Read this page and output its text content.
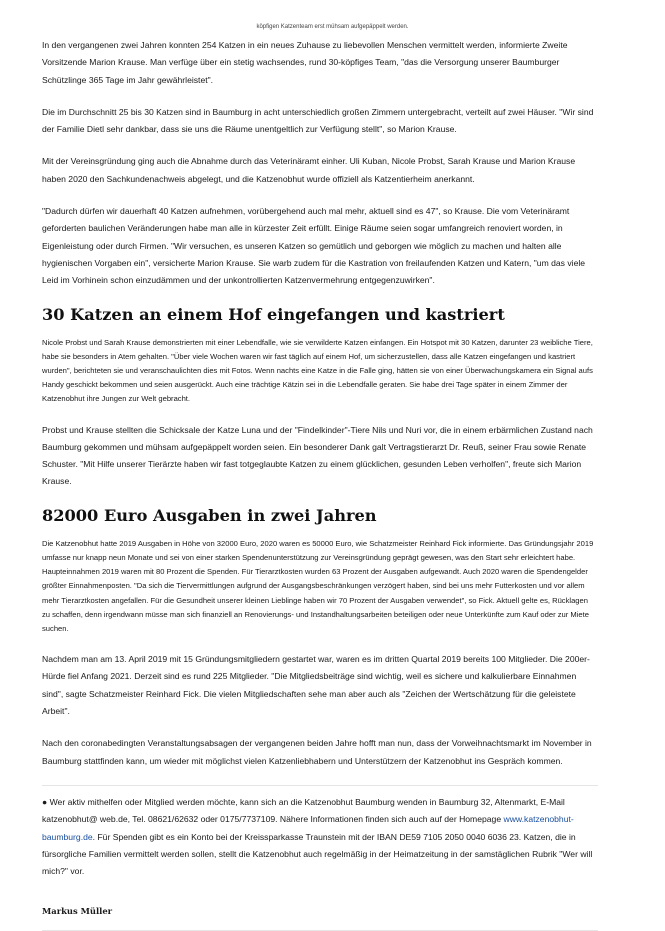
köpfigen Katzenteam erst mühsam aufgepäppelt werden.

In den vergangenen zwei Jahren konnten 254 Katzen in ein neues Zuhause zu liebevollen Menschen vermittelt werden, informierte Zweite Vorsitzende Marion Krause. Man verfüge über ein stetig wachsendes, rund 30-köpfiges Team, "das die Versorgung unserer Baumburger Schützlinge 365 Tage im Jahr gewährleistet".

Die im Durchschnitt 25 bis 30 Katzen sind in Baumburg in acht unterschiedlich großen Zimmern untergebracht, verteilt auf zwei Häuser. "Wir sind der Familie Dietl sehr dankbar, dass sie uns die Räume unentgeltlich zur Verfügung stellt", so Marion Krause.

Mit der Vereinsgründung ging auch die Abnahme durch das Veterinäramt einher. Uli Kuban, Nicole Probst, Sarah Krause und Marion Krause haben 2020 den Sachkundenachweis abgelegt, und die Katzenobhut wurde offiziell als Katzentierheim anerkannt.

"Dadurch dürfen wir dauerhaft 40 Katzen aufnehmen, vorübergehend auch mal mehr, aktuell sind es 47", so Krause. Die vom Veterinäramt geforderten baulichen Veränderungen habe man alle in kürzester Zeit erfüllt. Einige Räume seien sogar umfangreich renoviert worden, in Eigenleistung oder durch Firmen. "Wir versuchen, es unseren Katzen so gemütlich und geborgen wie möglich zu machen und halten alle hygienischen Vorgaben ein", versicherte Marion Krause. Sie warb zudem für die Kastration von freilaufenden Katzen und Katern, "um das viele Leid im Vorhinein schon einzudämmen und der unkontrollierten Katzenvermehrung entgegenzuwirken".

30 Katzen an einem Hof eingefangen und kastriert

Nicole Probst und Sarah Krause demonstrierten mit einer Lebendfalle, wie sie verwilderte Katzen einfangen. Ein Hotspot mit 30 Katzen, darunter 23 weibliche Tiere, habe sie besonders in Atem gehalten. "Über viele Wochen waren wir fast täglich auf einem Hof, um sicherzustellen, dass alle Katzen eingefangen und kastriert wurden", berichteten sie und veranschaulichten dies mit Fotos. Wenn nachts eine Katze in die Falle ging, hätten sie von einer Überwachungskamera ein Signal aufs Handy geschickt bekommen und seien ausgerückt. Auch eine trächtige Kätzin sei in die Lebendfalle geraten. Sie habe drei Tage später in einem Zimmer der Katzenobhut ihre Jungen zur Welt gebracht.

Probst und Krause stellten die Schicksale der Katze Luna und der "Findelkinder"-Tiere Nils und Nuri vor, die in einem erbärmlichen Zustand nach Baumburg gekommen und mühsam aufgepäppelt worden seien. Ein besonderer Dank galt Vertragstierarzt Dr. Reuß, seiner Frau sowie Renate Schuster. "Mit Hilfe unserer Tierärzte haben wir fast totgeglaubte Katzen zu einem glücklichen, gesunden Leben verholfen", freute sich Marion Krause.

82000 Euro Ausgaben in zwei Jahren

Die Katzenobhut hatte 2019 Ausgaben in Höhe von 32000 Euro, 2020 waren es 50000 Euro, wie Schatzmeister Reinhard Fick informierte. Das Gründungsjahr 2019 umfasse nur knapp neun Monate und sei von einer starken Spendenunterstützung zur Vereinsgründung geprägt gewesen, was den Start sehr erleichtert habe. Haupteinnahmen 2019 waren mit 80 Prozent die Spenden. Für Tierarztkosten wurden 63 Prozent der Ausgaben aufgewandt. Auch 2020 waren die Spendengelder größter Einnahmenposten. "Da sich die Tiervermittlungen aufgrund der Ausgangsbeschränkungen verzögert haben, sind bei uns mehr Futterkosten und vor allem mehr Tierarztkosten angefallen. Für die Gesundheit unserer kleinen Lieblinge haben wir 70 Prozent der Ausgaben verwendet", so Fick. Aktuell gelte es, Rücklagen zu schaffen, denn irgendwann müsse man sich finanziell an Renovierungs- und Instandhaltungsarbeiten beteiligen oder neue Unterkünfte zum Kauf oder zur Miete suchen.

Nachdem man am 13. April 2019 mit 15 Gründungsmitgliedern gestartet war, waren es im dritten Quartal 2019 bereits 100 Mitglieder. Die 200er-Hürde fiel Anfang 2021. Derzeit sind es rund 225 Mitglieder. "Die Mitgliedsbeiträge sind wichtig, weil es sichere und kalkulierbare Einnahmen sind", sagte Schatzmeister Reinhard Fick. Die vielen Mitgliedschaften sehe man aber auch als "Zeichen der Wertschätzung für die geleistete Arbeit".

Nach den coronabedingten Veranstaltungsabsagen der vergangenen beiden Jahre hofft man nun, dass der Vorweihnachtsmarkt im November in Baumburg stattfinden kann, um wieder mit möglichst vielen Katzenliebhabern und Unterstützern der Katzenobhut ins Gespräch kommen.

● Wer aktiv mithelfen oder Mitglied werden möchte, kann sich an die Katzenobhut Baumburg wenden in Baumburg 32, Altenmarkt, E-Mail katzenobhut@ web.de, Tel. 08621/62632 oder 0175/7737109. Nähere Informationen finden sich auch auf der Homepage www.katzenobhut-baumburg.de. Für Spenden gibt es ein Konto bei der Kreissparkasse Traunstein mit der IBAN DE59 7105 2050 0040 6036 23. Katzen, die in fürsorgliche Familien vermittelt werden sollen, stellt die Katzenobhut auch regelmäßig in der Heimatzeitung in der samstäglichen Rubrik "Wer will mich?" vor.
Markus Müller
